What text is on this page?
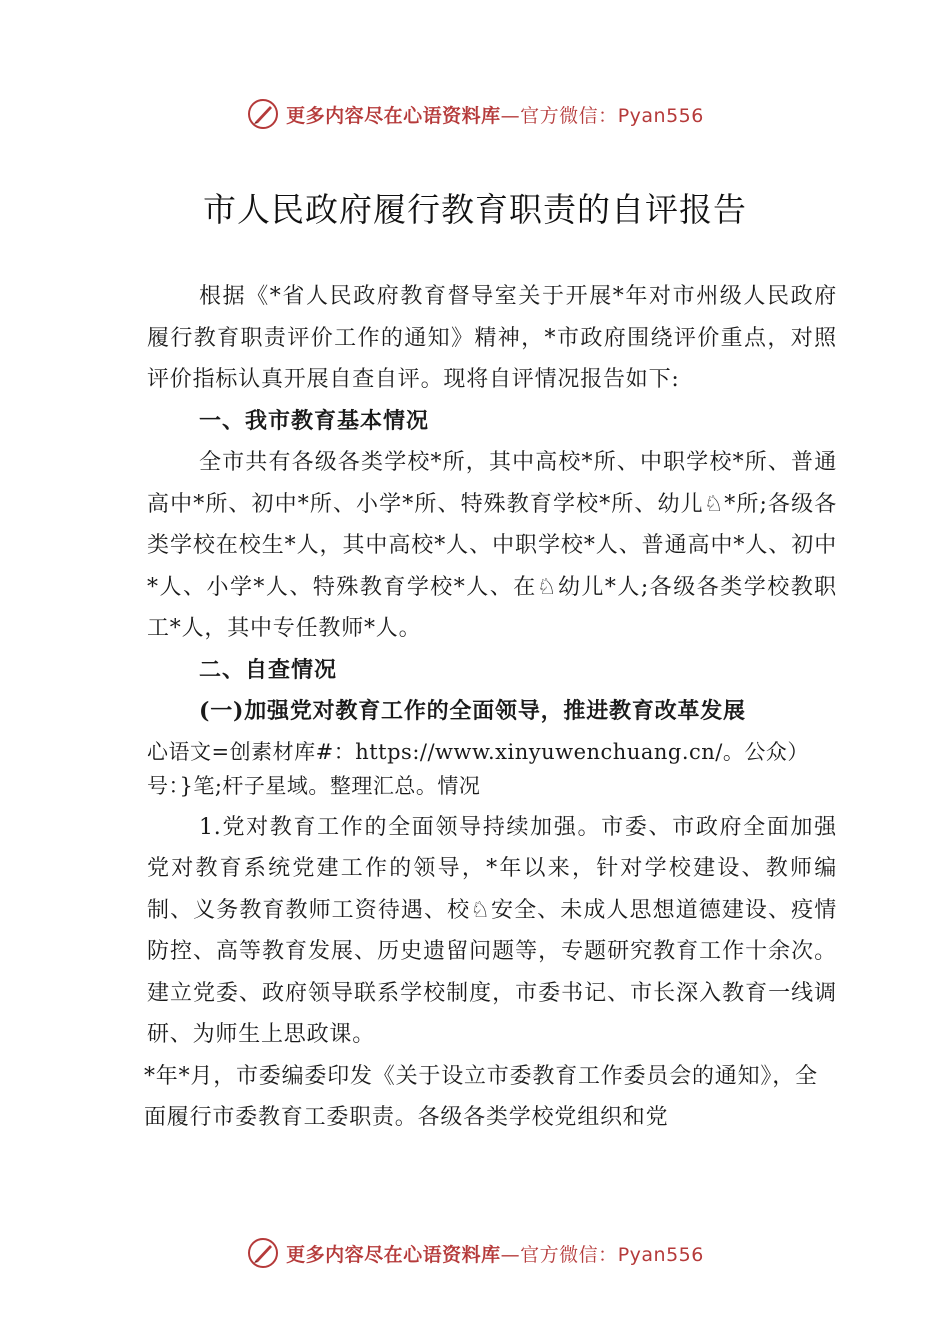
更多内容尽在心语资料库—官方微信：Pyan556
市人民政府履行教育职责的自评报告

根据《*省人民政府教育督导室关于开展*年对市州级人民政府履行教育职责评价工作的通知》精神，*市政府围绕评价重点，对照评价指标认真开展自查自评。现将自评情况报告如下:

一、我市教育基本情况

全市共有各级各类学校*所，其中高校*所、中职学校*所、普通高中*所、初中*所、小学*所、特殊教育学校*所、幼儿♘*所;各级各类学校在校生*人，其中高校*人、中职学校*人、普通高中*人、初中*人、小学*人、特殊教育学校*人、在♘幼儿*人;各级各类学校教职工*人，其中专任教师*人。

二、自查情况

(一)加强党对教育工作的全面领导，推进教育改革发展

心语文=创素材库#：https://www.xinyuwenchuang.cn/。公众）号：}笔;杆子星域。整理汇总。情况

1.党对教育工作的全面领导持续加强。市委、市政府全面加强党对教育系统党建工作的领导，*年以来，针对学校建设、教师编制、义务教育教师工资待遇、校♘安全、未成人思想道德建设、疫情防控、高等教育发展、历史遗留问题等，专题研究教育工作十余次。建立党委、政府领导联系学校制度，市委书记、市长深入教育一线调研、为师生上思政课。

*年*月，市委编委印发《关于设立市委教育工作委员会的通知》，全面履行市委教育工委职责。各级各类学校党组织和党

更多内容尽在心语资料库—官方微信：Pyan556
